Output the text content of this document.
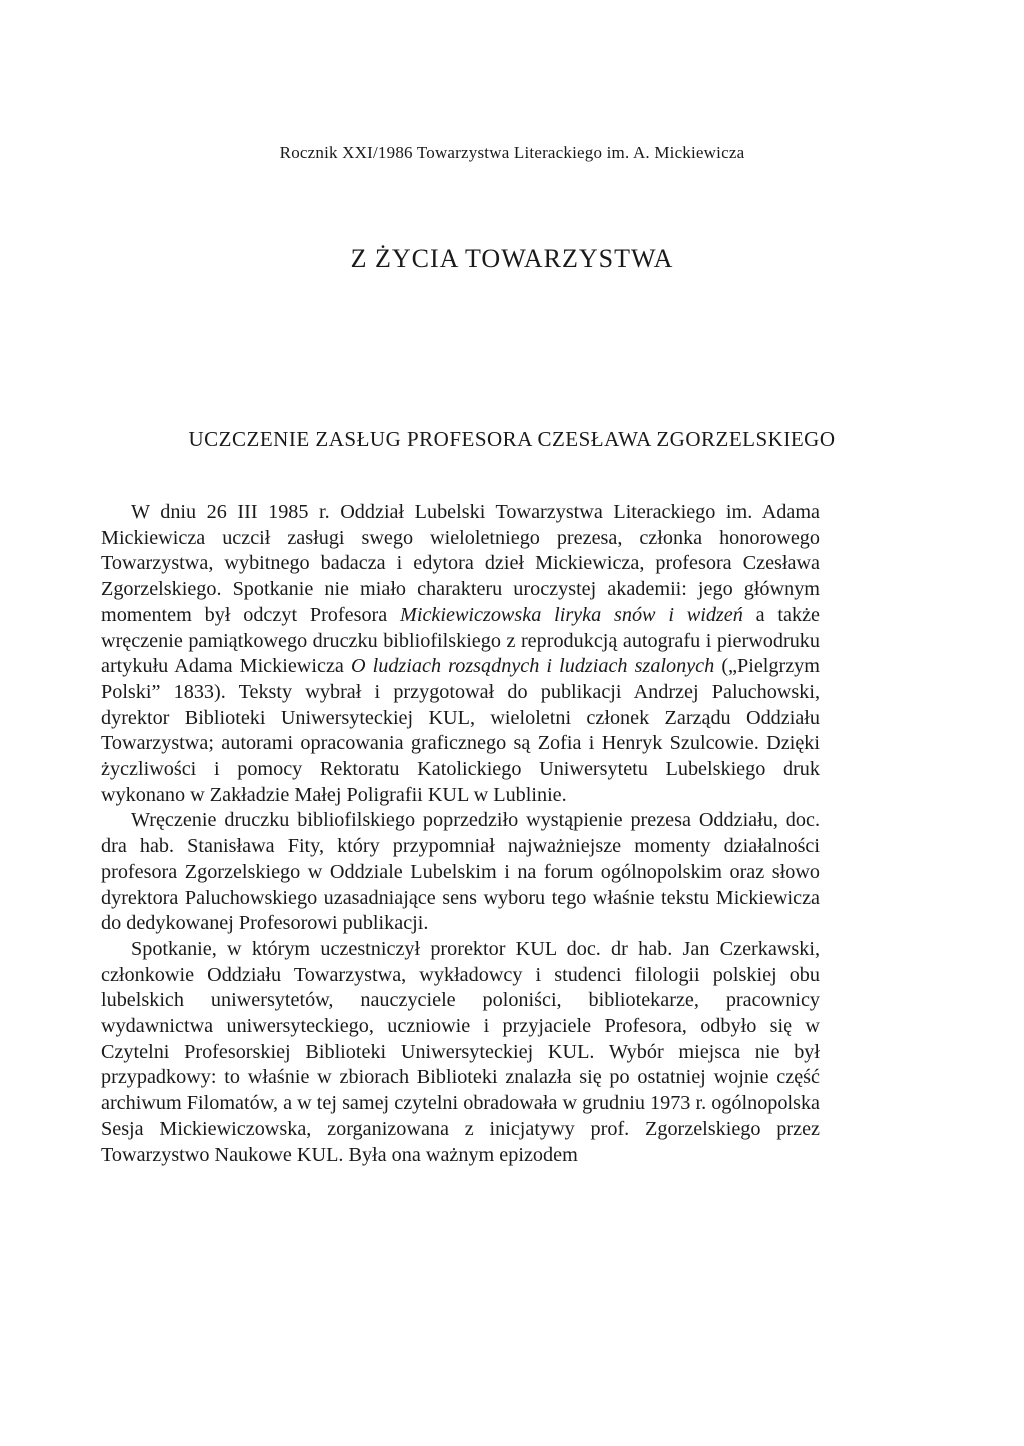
Rocznik XXI/1986 Towarzystwa Literackiego im. A. Mickiewicza
Z ŻYCIA TOWARZYSTWA
UCZCZENIE ZASŁUG PROFESORA CZESŁAWA ZGORZELSKIEGO

W dniu 26 III 1985 r. Oddział Lubelski Towarzystwa Literackiego im. Adama Mickiewicza uczcił zasługi swego wieloletniego prezesa, członka honorowego Towarzystwa, wybitnego badacza i edytora dzieł Mickiewicza, profesora Czesława Zgorzelskiego. Spotkanie nie miało charakteru uroczystej akademii: jego głównym momentem był odczyt Profesora Mickiewiczowska liryka snów i widzeń a także wręczenie pamiątkowego druczku bibliofilskiego z reprodukcją autografu i pierwodruku artykułu Adama Mickiewicza O ludziach rozsądnych i ludziach szalonych („Pielgrzym Polski” 1833). Teksty wybrał i przygotował do publikacji Andrzej Paluchowski, dyrektor Biblioteki Uniwersyteckiej KUL, wieloletni członek Zarządu Oddziału Towarzystwa; autorami opracowania graficznego są Zofia i Henryk Szulcowie. Dzięki życzliwości i pomocy Rektoratu Katolickiego Uniwersytetu Lubelskiego druk wykonano w Zakładzie Małej Poligrafii KUL w Lublinie.

Wręczenie druczku bibliofilskiego poprzedziło wystąpienie prezesa Oddziału, doc. dra hab. Stanisława Fity, który przypomniał najważniejsze momenty działalności profesora Zgorzelskiego w Oddziale Lubelskim i na forum ogólnopolskim oraz słowo dyrektora Paluchowskiego uzasadniające sens wyboru tego właśnie tekstu Mickiewicza do dedykowanej Profesorowi publikacji.

Spotkanie, w którym uczestniczył prorektor KUL doc. dr hab. Jan Czerkawski, członkowie Oddziału Towarzystwa, wykładowcy i studenci filologii polskiej obu lubelskich uniwersytetów, nauczyciele poloniści, bibliotekarze, pracownicy wydawnictwa uniwersyteckiego, uczniowie i przyjaciele Profesora, odbyło się w Czytelni Profesorskiej Biblioteki Uniwersyteckiej KUL. Wybór miejsca nie był przypadkowy: to właśnie w zbiorach Biblioteki znalazła się po ostatniej wojnie część archiwum Filomatów, a w tej samej czytelni obradowała w grudniu 1973 r. ogólnopolska Sesja Mickiewiczowska, zorganizowana z inicjatywy prof. Zgorzelskiego przez Towarzystwo Naukowe KUL. Była ona ważnym epizodem
